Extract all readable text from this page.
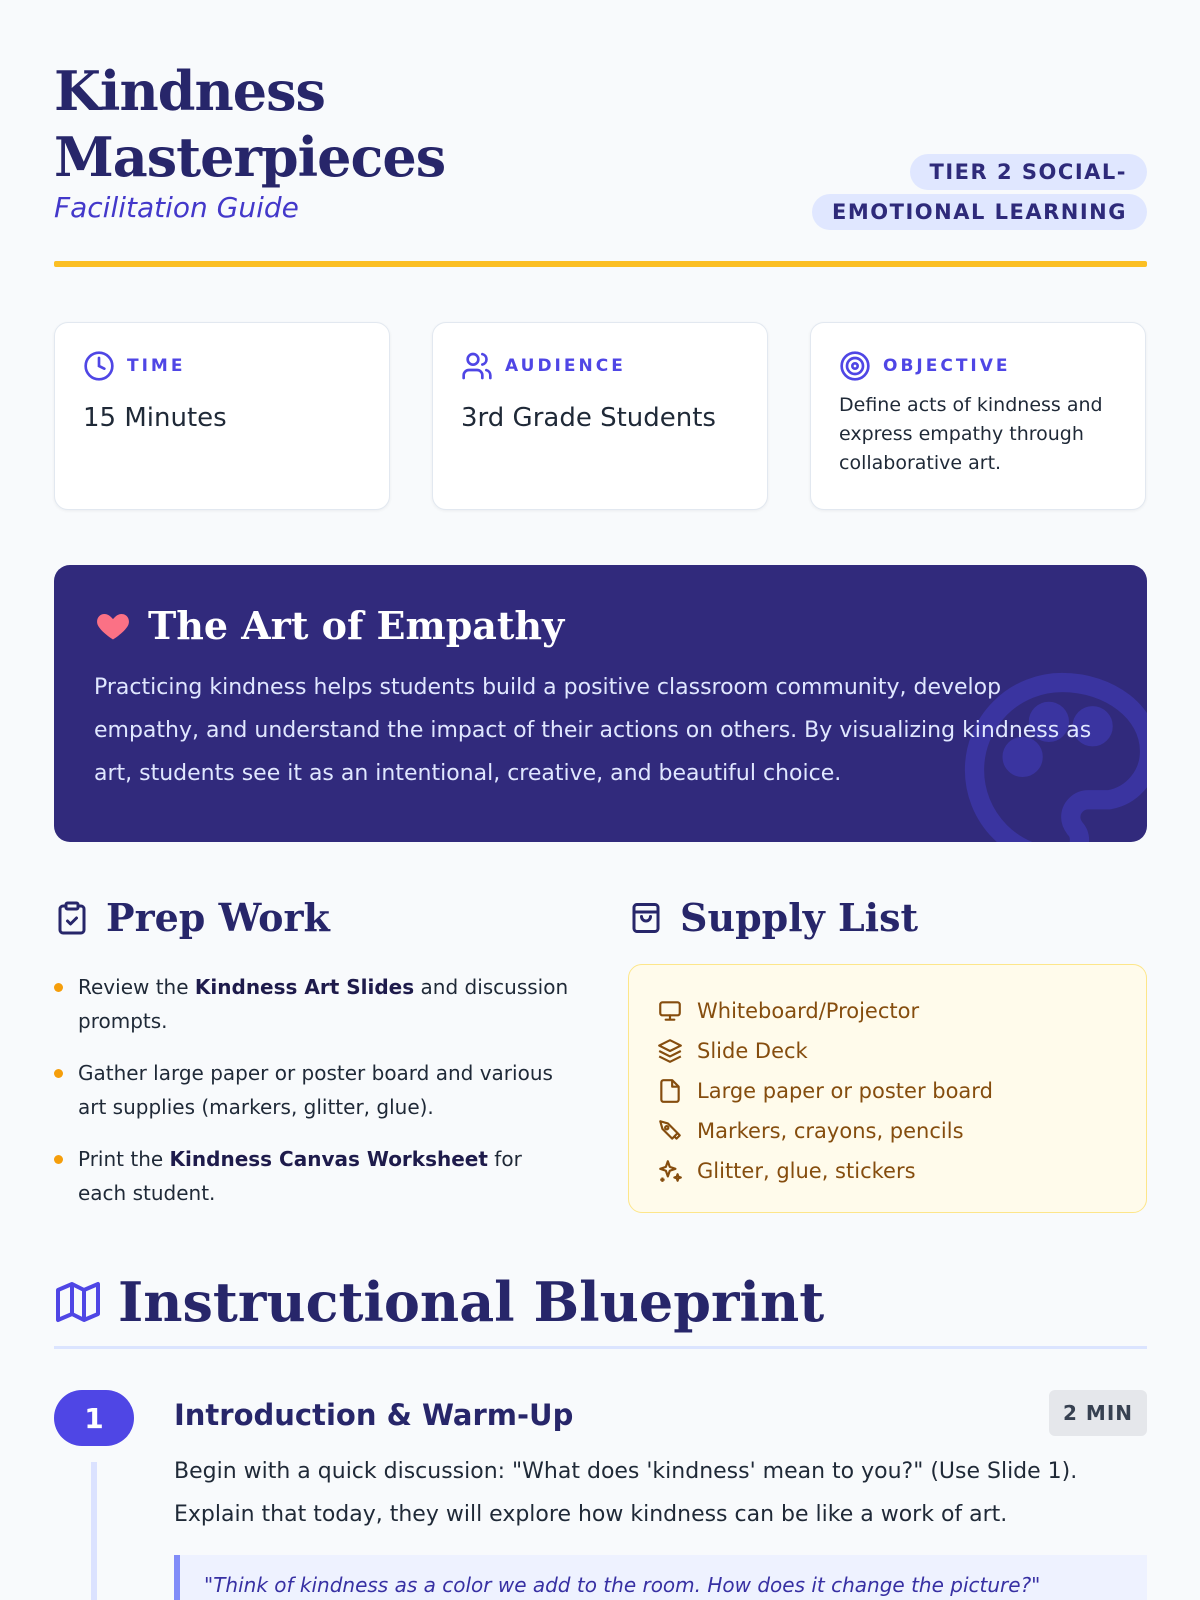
Kindness Masterpieces
Facilitation Guide
TIER 2 SOCIAL-EMOTIONAL LEARNING
TIME
15 Minutes
AUDIENCE
3rd Grade Students
OBJECTIVE
Define acts of kindness and express empathy through collaborative art.
The Art of Empathy

Practicing kindness helps students build a positive classroom community, develop empathy, and understand the impact of their actions on others. By visualizing kindness as art, students see it as an intentional, creative, and beautiful choice.

Prep Work
Review the Kindness Art Slides and discussion prompts.
Gather large paper or poster board and various art supplies (markers, glitter, glue).
Print the Kindness Canvas Worksheet for each student.
Supply List
Whiteboard/Projector
Slide Deck
Large paper or poster board
Markers, crayons, pencils
Glitter, glue, stickers
Instructional Blueprint
1	Introduction & Warm-Up	2 MIN
Begin with a quick discussion: "What does 'kindness' mean to you?" (Use Slide 1). Explain that today, they will explore how kindness can be like a work of art.
"Think of kindness as a color we add to the room. How does it change the picture?"
